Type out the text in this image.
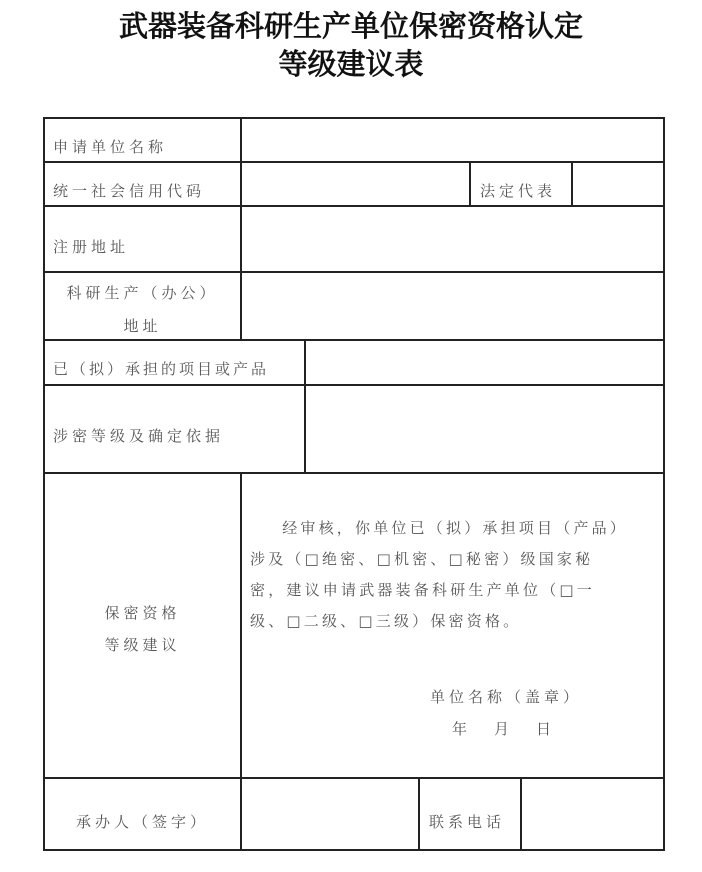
武器装备科研生产单位保密资格认定
等级建议表
申请单位名称
统一社会信用代码	法定代表
注册地址
科研生产（办公）
地址
已（拟）承担的项目或产品
涉密等级及确定依据
保密资格
等级建议
　经审核，你单位已（拟）承担项目（产品）
涉及（□绝密、□机密、□秘密）级国家秘
密，建议申请武器装备科研生产单位（□一
级、□二级、□三级）保密资格。
单位名称（盖章）
年　月　日
承办人（签字）	联系电话
